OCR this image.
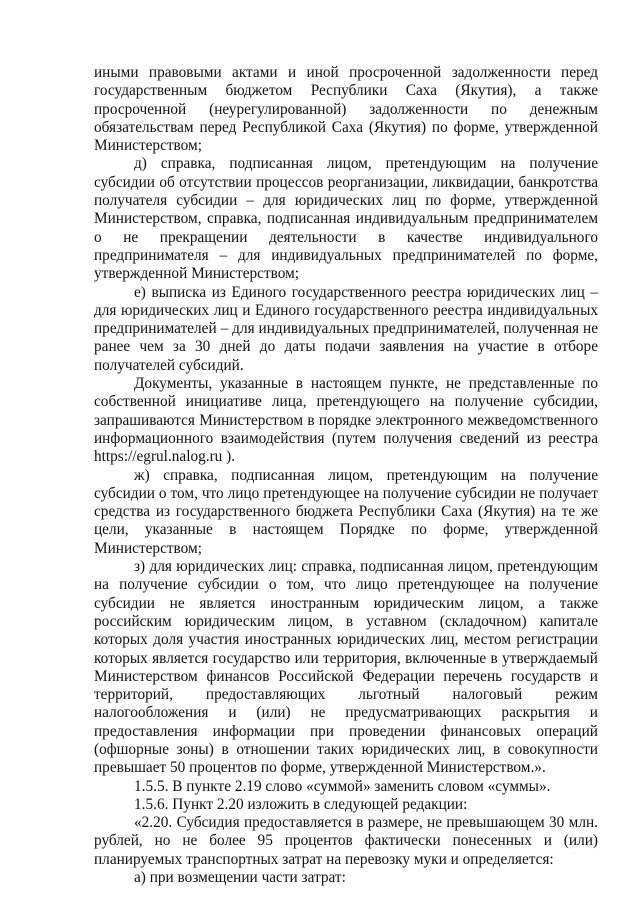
иными правовыми актами и иной просроченной задолженности перед государственным бюджетом Республики Саха (Якутия), а также просроченной (неурегулированной) задолженности по денежным обязательствам перед Республикой Саха (Якутия) по форме, утвержденной Министерством;

д) справка, подписанная лицом, претендующим на получение субсидии об отсутствии процессов реорганизации, ликвидации, банкротства получателя субсидии – для юридических лиц по форме, утвержденной Министерством, справка, подписанная индивидуальным предпринимателем о не прекращении деятельности в качестве индивидуального предпринимателя – для индивидуальных предпринимателей по форме, утвержденной Министерством;

е) выписка из Единого государственного реестра юридических лиц – для юридических лиц и Единого государственного реестра индивидуальных предпринимателей – для индивидуальных предпринимателей, полученная не ранее чем за 30 дней до даты подачи заявления на участие в отборе получателей субсидий.

Документы, указанные в настоящем пункте, не представленные по собственной инициативе лица, претендующего на получение субсидии, запрашиваются Министерством в порядке электронного межведомственного информационного взаимодействия (путем получения сведений из реестра https://egrul.nalog.ru ).

ж) справка, подписанная лицом, претендующим на получение субсидии о том, что лицо претендующее на получение субсидии не получает средства из государственного бюджета Республики Саха (Якутия) на те же цели, указанные в настоящем Порядке по форме, утвержденной Министерством;

з) для юридических лиц: справка, подписанная лицом, претендующим на получение субсидии о том, что лицо претендующее на получение субсидии не является иностранным юридическим лицом, а также российским юридическим лицом, в уставном (складочном) капитале которых доля участия иностранных юридических лиц, местом регистрации которых является государство или территория, включенные в утверждаемый Министерством финансов Российской Федерации перечень государств и территорий, предоставляющих льготный налоговый режим налогообложения и (или) не предусматривающих раскрытия и предоставления информации при проведении финансовых операций (офшорные зоны) в отношении таких юридических лиц, в совокупности превышает 50 процентов по форме, утвержденной Министерством.».

1.5.5. В пункте 2.19 слово «суммой» заменить словом «суммы».

1.5.6. Пункт 2.20 изложить в следующей редакции:

«2.20. Субсидия предоставляется в размере, не превышающем 30 млн. рублей, но не более 95 процентов фактически понесенных и (или) планируемых транспортных затрат на перевозку муки и определяется:

а) при возмещении части затрат:
